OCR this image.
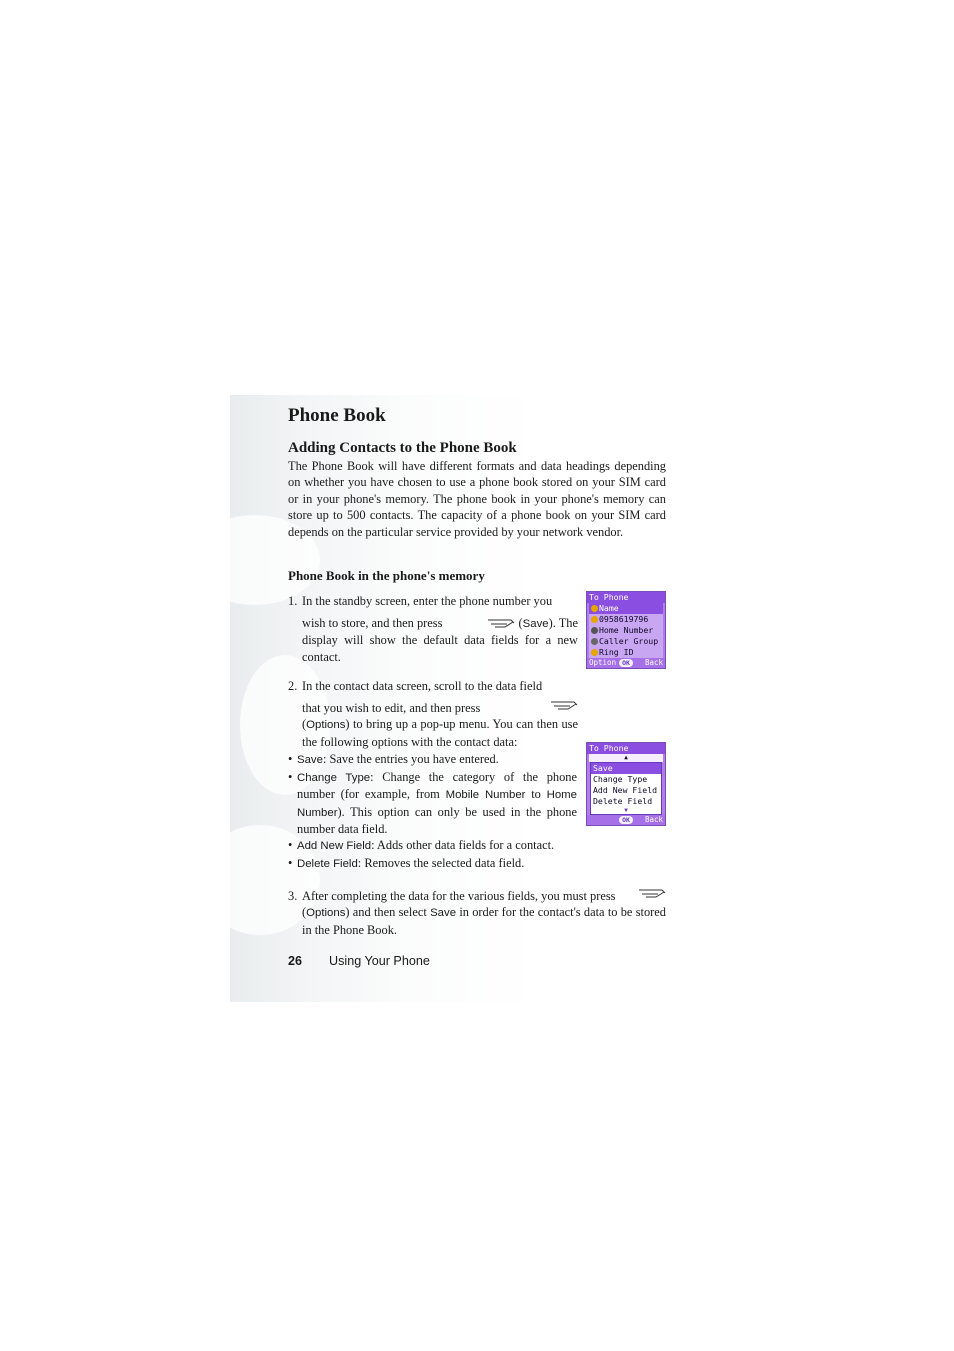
Phone Book
Adding Contacts to the Phone Book

The Phone Book will have different formats and data headings depending on whether you have chosen to use a phone book stored on your SIM card or in your phone's memory. The phone book in your phone's memory can store up to 500 contacts. The capacity of a phone book on your SIM card depends on the particular service provided by your network vendor.

Phone Book in the phone's memory
1. In the standby screen, enter the phone number you
wish to store, and then press	(Save). The
display will show the default data fields for a new contact.
2. In the contact data screen, scroll to the data field
that you wish to edit, and then press
(Options) to bring up a pop-up menu. You can then use the following options with the contact data:
• Save: Save the entries you have entered.
• Change Type: Change the category of the phone number (for example, from Mobile Number to Home Number). This option can only be used in the phone number data field.
• Add New Field: Adds other data fields for a contact.
• Delete Field: Removes the selected data field.
3. After completing the data for the various fields, you must press
(Options) and then select Save in order for the contact's data to be stored in the Phone Book.
To Phone
Name
0958619796
Home Number
Caller Group
Ring ID
Option OK	Back
To Phone
▲
Save
Change Type
Add New Field
Delete Field
▼
OK	Back
26 Using Your Phone
